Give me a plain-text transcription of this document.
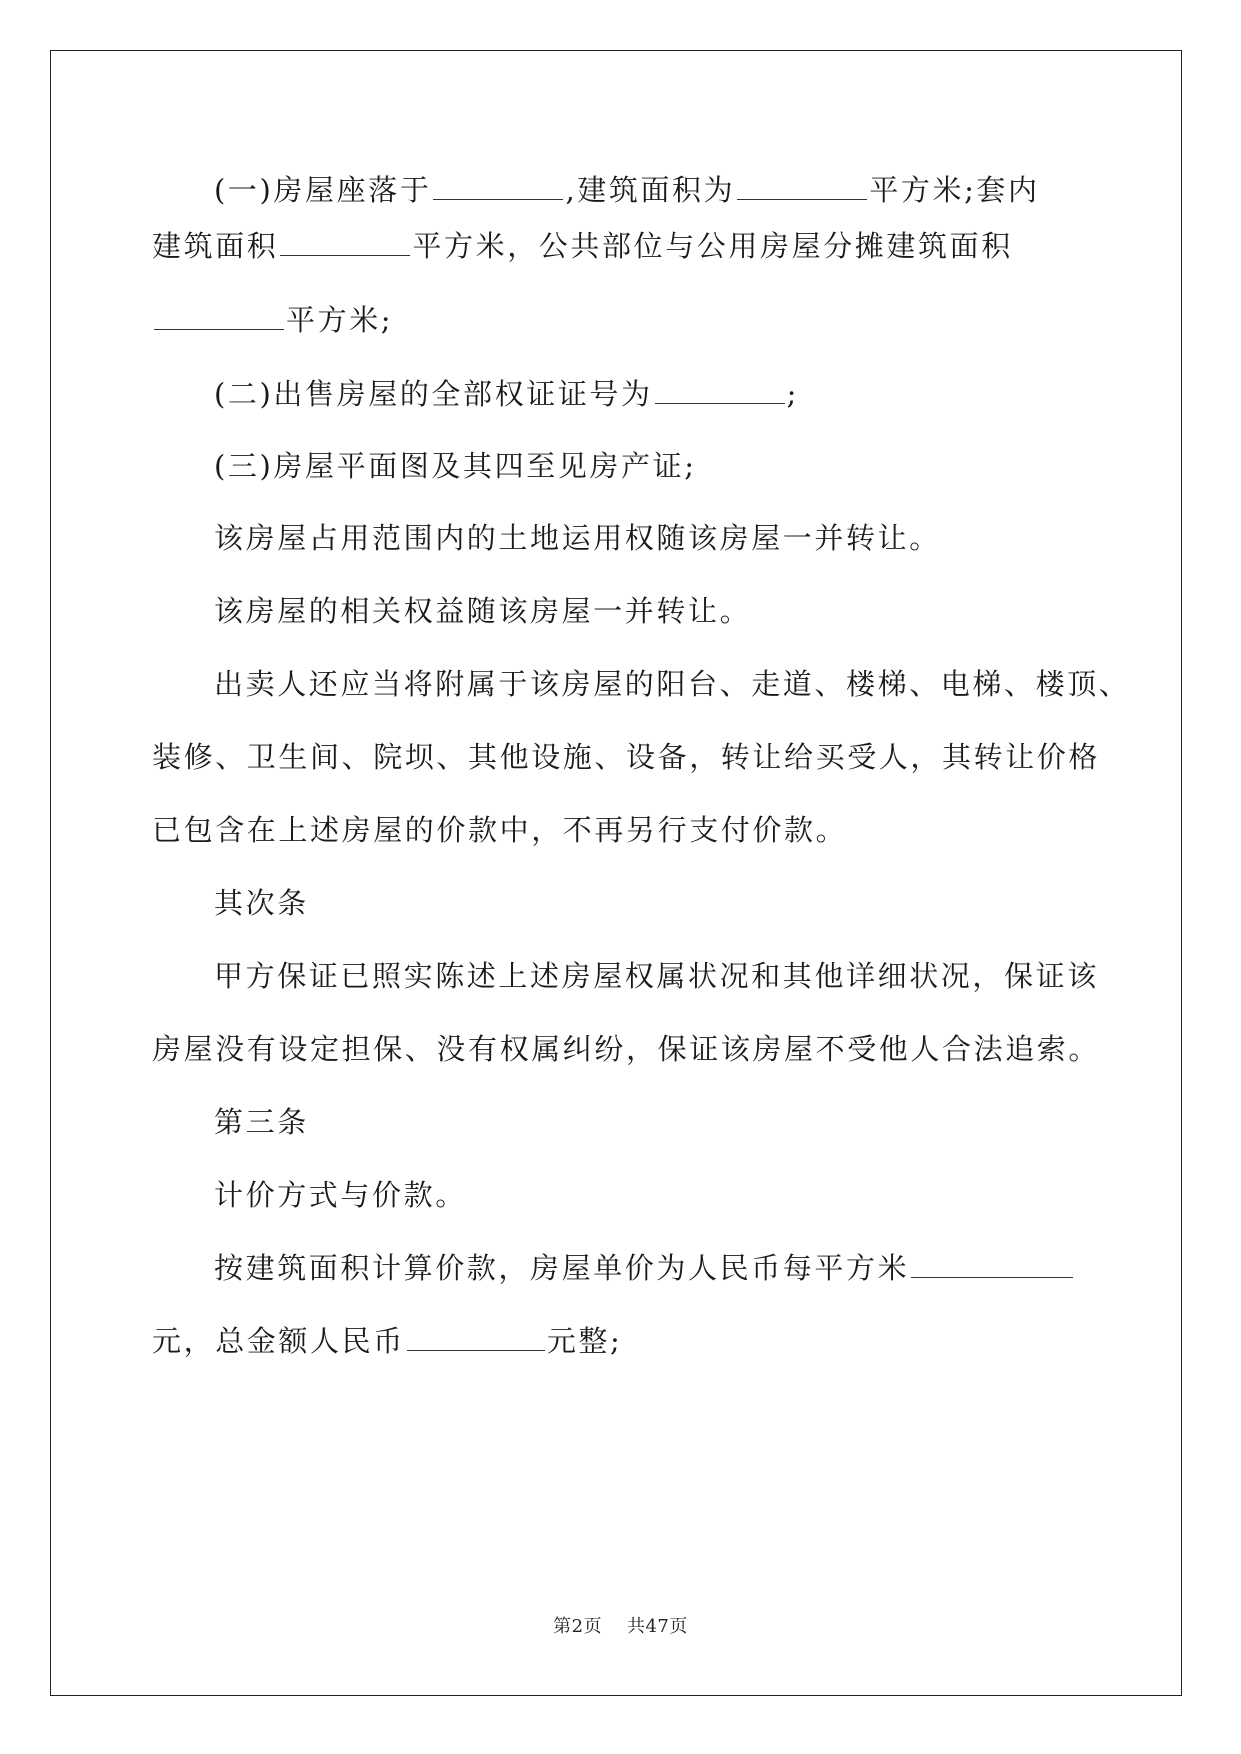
(一)房屋座落于	,建筑面积为	平方米;套内
建筑面积	平方米，公共部位与公用房屋分摊建筑面积
平方米;
(二)出售房屋的全部权证证号为	;
(三)房屋平面图及其四至见房产证;
该房屋占用范围内的土地运用权随该房屋一并转让。
该房屋的相关权益随该房屋一并转让。
出卖人还应当将附属于该房屋的阳台、走道、楼梯、电梯、楼顶、
装修、卫生间、院坝、其他设施、设备，转让给买受人，其转让价格
已包含在上述房屋的价款中，不再另行支付价款。
其次条
甲方保证已照实陈述上述房屋权属状况和其他详细状况，保证该
房屋没有设定担保、没有权属纠纷，保证该房屋不受他人合法追索。
第三条
计价方式与价款。
按建筑面积计算价款，房屋单价为人民币每平方米
元，总金额人民币	元整;
第2页 共47页
